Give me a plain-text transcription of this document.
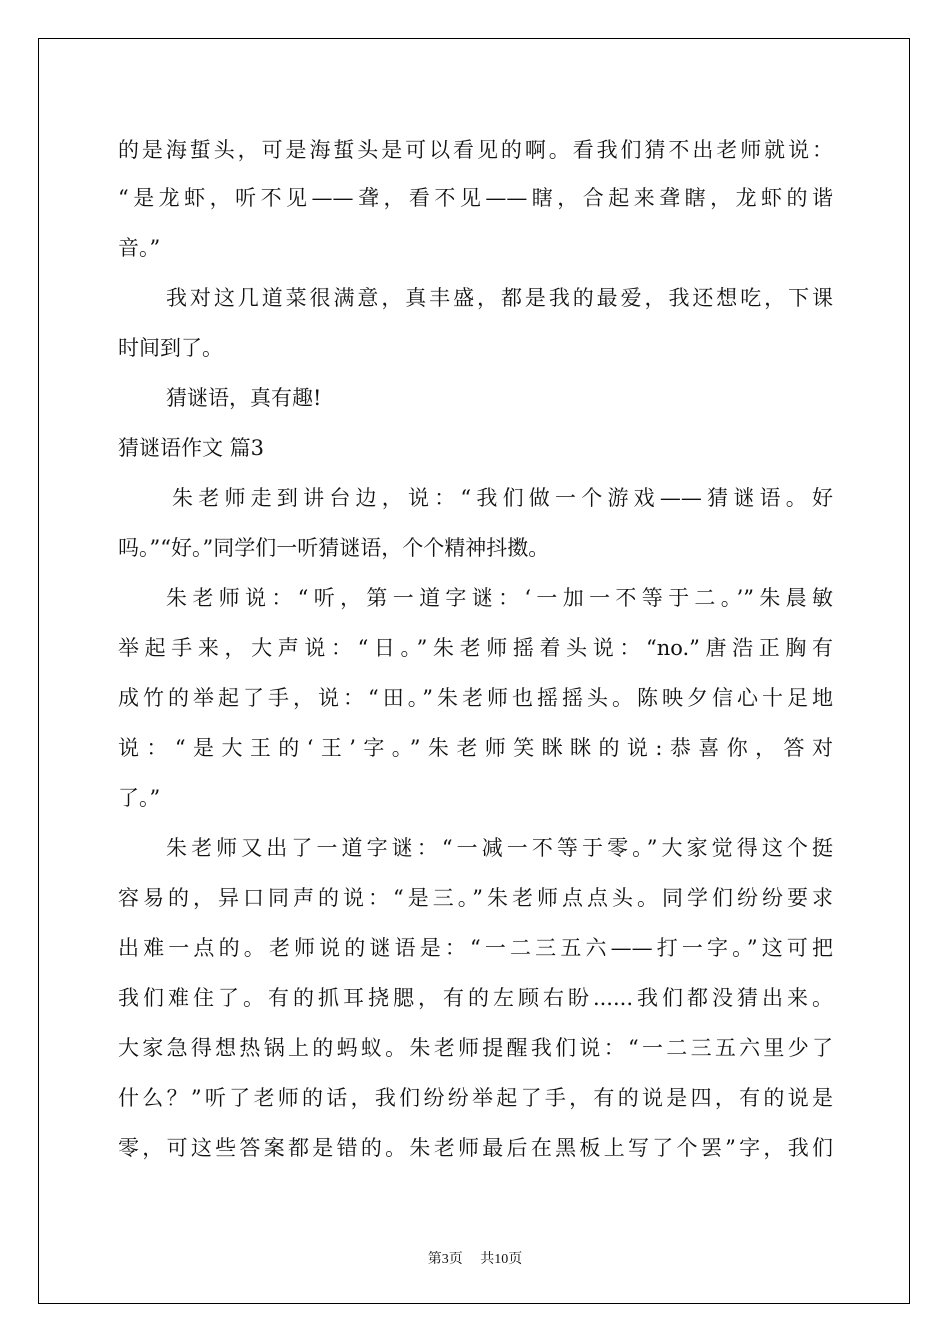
的是海蜇头，可是海蜇头是可以看见的啊。看我们猜不出老师就说：

“是龙虾，听不见——聋，看不见——瞎，合起来聋瞎，龙虾的谐

音。”

我对这几道菜很满意，真丰盛，都是我的最爱，我还想吃，下课

时间到了。

猜谜语，真有趣!

猜谜语作文 篇3

朱老师走到讲台边，说：“我们做一个游戏——猜谜语。好

吗。”“好。”同学们一听猜谜语，个个精神抖擞。

朱老师说：“听，第一道字谜：‘一加一不等于二。’”朱晨敏

举起手来，大声说：“日。”朱老师摇着头说：“no.”唐浩正胸有

成竹的举起了手，说：“田。”朱老师也摇摇头。陈映夕信心十足地

说：“是大王的‘王’字。”朱老师笑眯眯的说:恭喜你，答对

了。”

朱老师又出了一道字谜：“一减一不等于零。”大家觉得这个挺

容易的，异口同声的说：“是三。”朱老师点点头。同学们纷纷要求

出难一点的。老师说的谜语是：“一二三五六——打一字。”这可把

我们难住了。有的抓耳挠腮，有的左顾右盼......我们都没猜出来。

大家急得想热锅上的蚂蚁。朱老师提醒我们说：“一二三五六里少了

什么？”听了老师的话，我们纷纷举起了手，有的说是四，有的说是

零，可这些答案都是错的。朱老师最后在黑板上写了个罢”字，我们

第3页 共10页
